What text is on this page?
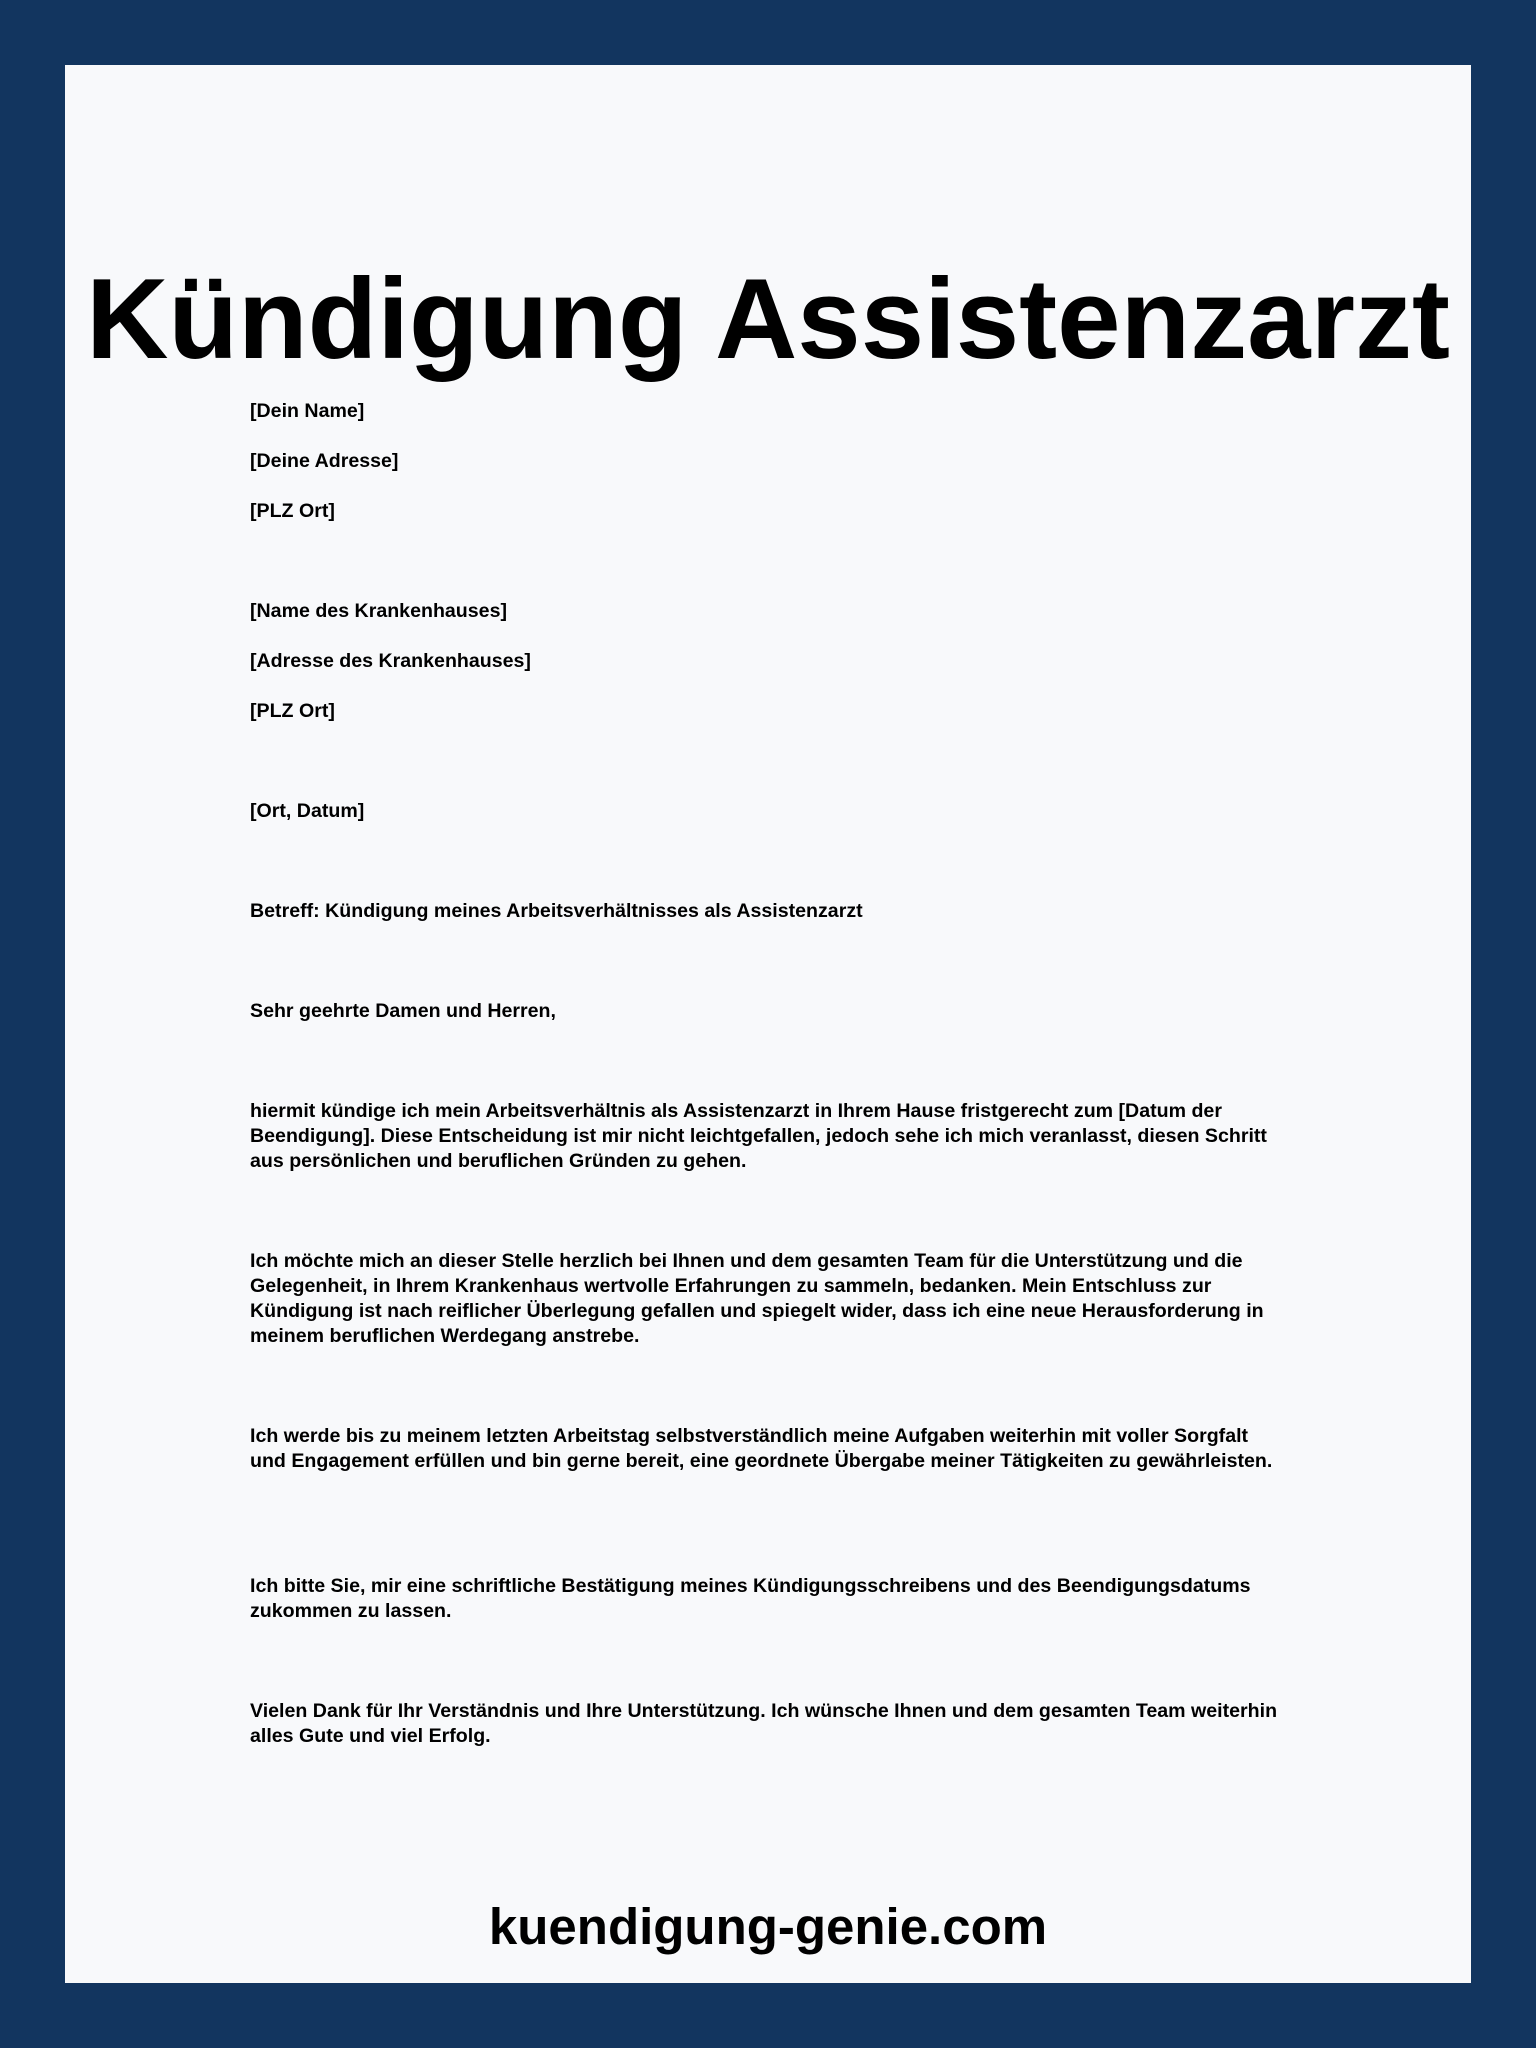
Kündigung Assistenzarzt

[Dein Name]

[Deine Adresse]

[PLZ Ort]

[Name des Krankenhauses]

[Adresse des Krankenhauses]

[PLZ Ort]

[Ort, Datum]

Betreff: Kündigung meines Arbeitsverhältnisses als Assistenzarzt

Sehr geehrte Damen und Herren,

hiermit kündige ich mein Arbeitsverhältnis als Assistenzarzt in Ihrem Hause fristgerecht zum [Datum der Beendigung]. Diese Entscheidung ist mir nicht leichtgefallen, jedoch sehe ich mich veranlasst, diesen Schritt aus persönlichen und beruflichen Gründen zu gehen.

Ich möchte mich an dieser Stelle herzlich bei Ihnen und dem gesamten Team für die Unterstützung und die Gelegenheit, in Ihrem Krankenhaus wertvolle Erfahrungen zu sammeln, bedanken. Mein Entschluss zur Kündigung ist nach reiflicher Überlegung gefallen und spiegelt wider, dass ich eine neue Herausforderung in meinem beruflichen Werdegang anstrebe.

Ich werde bis zu meinem letzten Arbeitstag selbstverständlich meine Aufgaben weiterhin mit voller Sorgfalt und Engagement erfüllen und bin gerne bereit, eine geordnete Übergabe meiner Tätigkeiten zu gewährleisten.

Ich bitte Sie, mir eine schriftliche Bestätigung meines Kündigungsschreibens und des Beendigungsdatums zukommen zu lassen.

Vielen Dank für Ihr Verständnis und Ihre Unterstützung. Ich wünsche Ihnen und dem gesamten Team weiterhin alles Gute und viel Erfolg.

kuendigung-genie.com
